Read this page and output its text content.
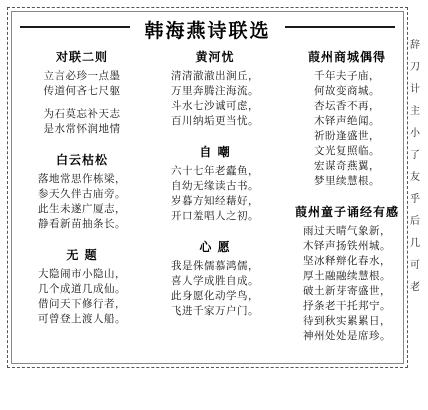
韩海燕诗联选
对联二则
立言必珍一点墨
传道何吝七尺躯
为石莫忘补天志
是水常怀润地情
白云枯松
落地常思作栋梁，
参天久伴古庙旁。
此生未遂广厦志，
静看新苗抽条长。
无 题
大隐闹市小隐山，
几个成道几成仙。
借问天下修行者，
可曾登上渡人船。
黄河忧
清清澈澈出涧丘，
万里奔腾注海流。
斗水七沙诚可虑，
百川纳垢更当忧。
自 嘲
六十七年老蠹鱼，
自幼无缘读古书。
岁暮方知经藉好，
开口羞唱人之初。
心 愿
我是侏儒慕鸿儒，
喜人学成胜自成。
此身愿化动学鸟，
飞进千家万户门。
葭州商城偶得
千年夫子庙，
何故变商城。
杏坛香不再，
木铎声绝闻。
祈盼逢盛世，
文光复照临。
宏谋奇燕翼，
梦里续慧根。
葭州童子诵经有感
雨过天晴气象新，
木铎声扬铁州城。
坚冰释辩化春水，
厚土融融续慧根。
破土新芽寄盛世，
抒条老干托邦宁。
待到秋实累累日，
神州处处是席珍。
辞
刀
计
主
小
了
友
乎
后
几
可
老
